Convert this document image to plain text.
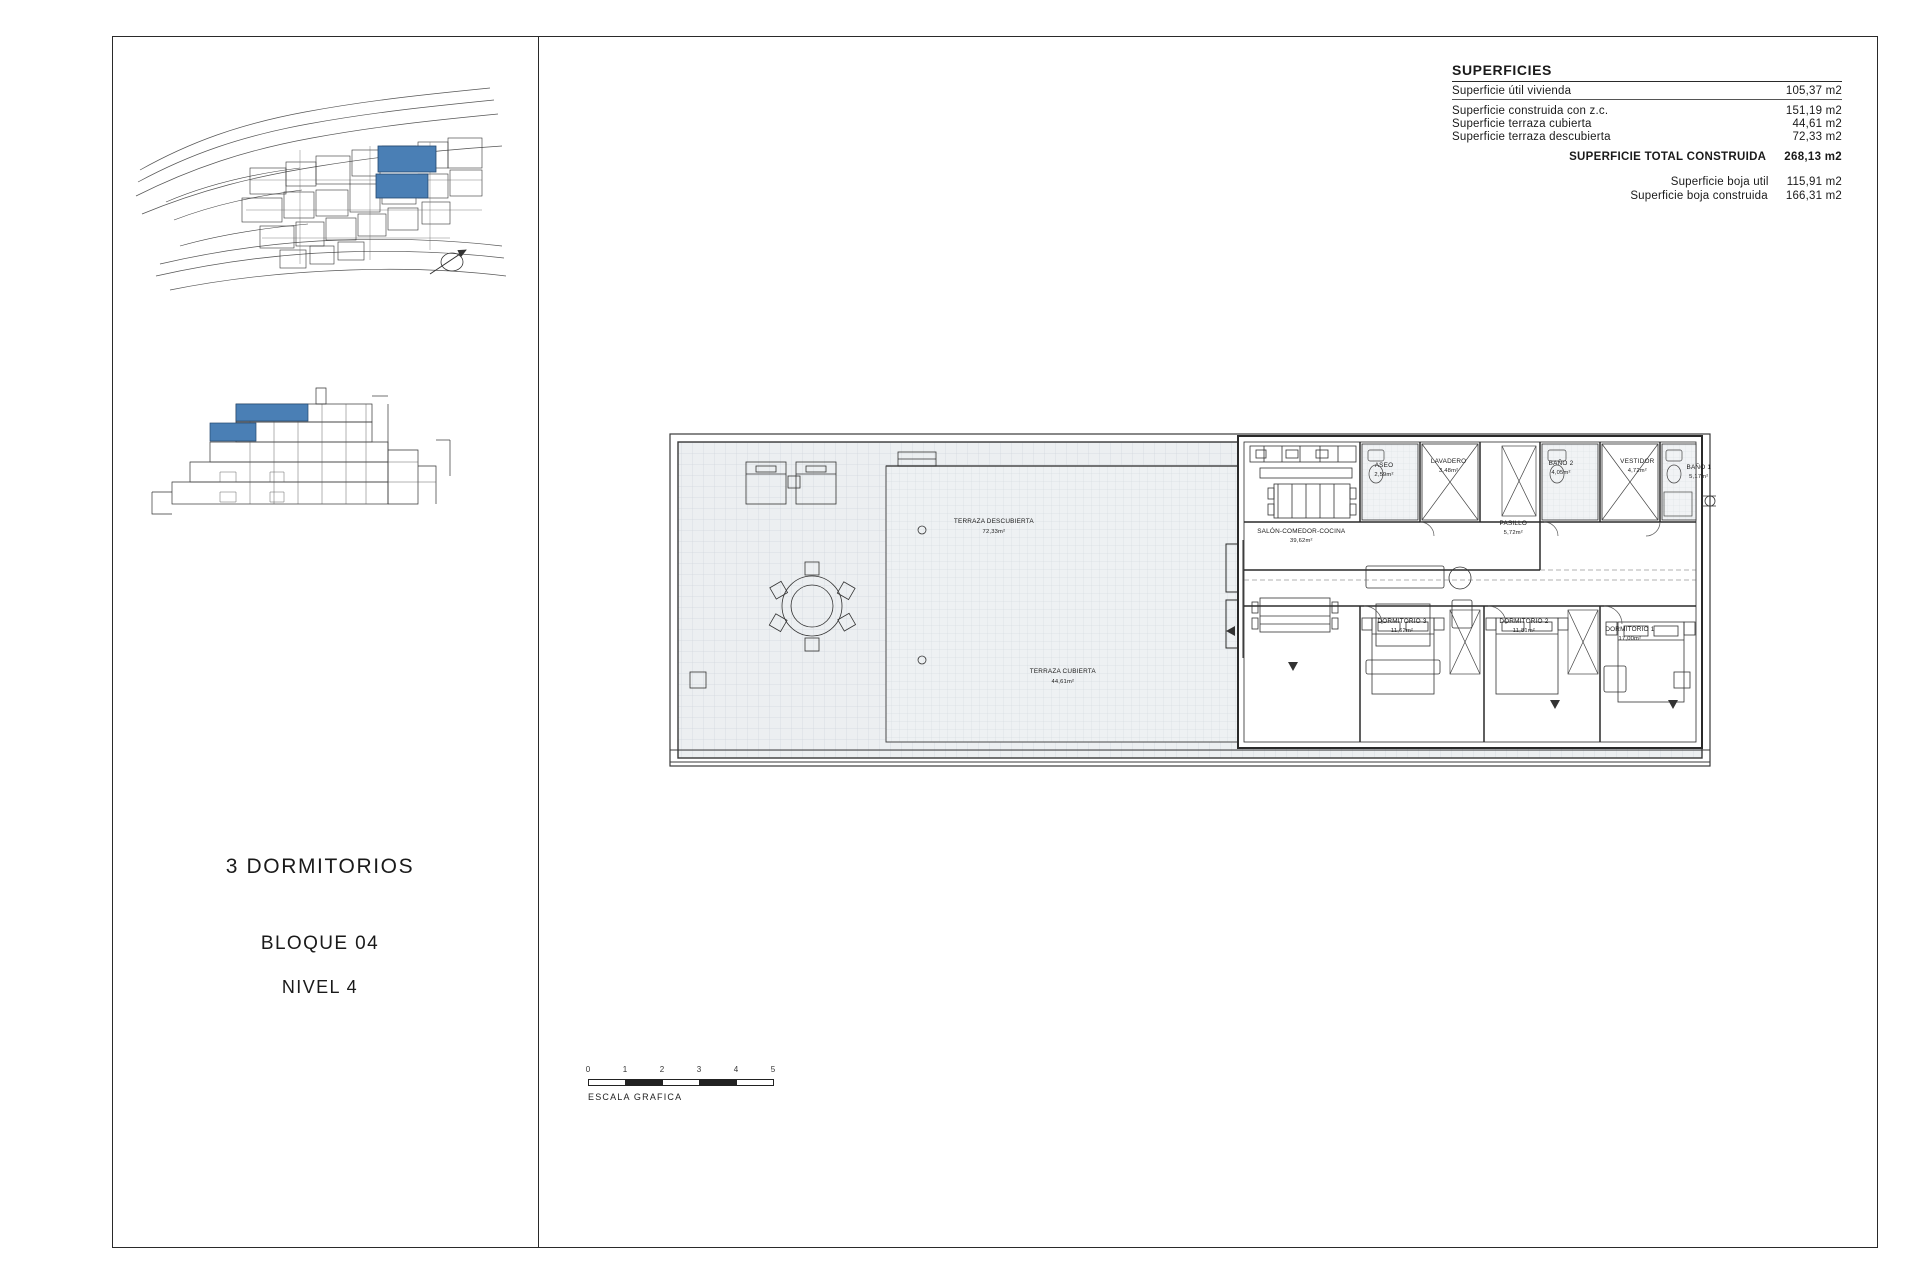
SUPERFICIES
Superficie útil vivienda	105,37 m2
Superficie construida con z.c.	151,19 m2
Superficie terraza cubierta	44,61 m2
Superficie terraza descubierta	72,33 m2
SUPERFICIE TOTAL CONSTRUIDA	268,13 m2
Superficie boja util	115,91 m2
Superficie boja construida	166,31 m2
3 DORMITORIOS
BLOQUE 04
NIVEL 4
0	1	2	3	4	5
ESCALA GRAFICA
TERRAZA DESCUBIERTA
72,33m²
TERRAZA CUBIERTA
44,61m²
SALÓN-COMEDOR-COCINA
39,62m²
ASEO
2,59m²
LAVADERO
3,48m²
BAÑO 2
4,05m²
VESTIDOR
4,72m²
BAÑO 1
5,17m²
PASILLO
5,72m²
DORMITORIO 3
11,62m²
DORMITORIO 2
11,81m²	DORMITORIO 1
17,00m²
